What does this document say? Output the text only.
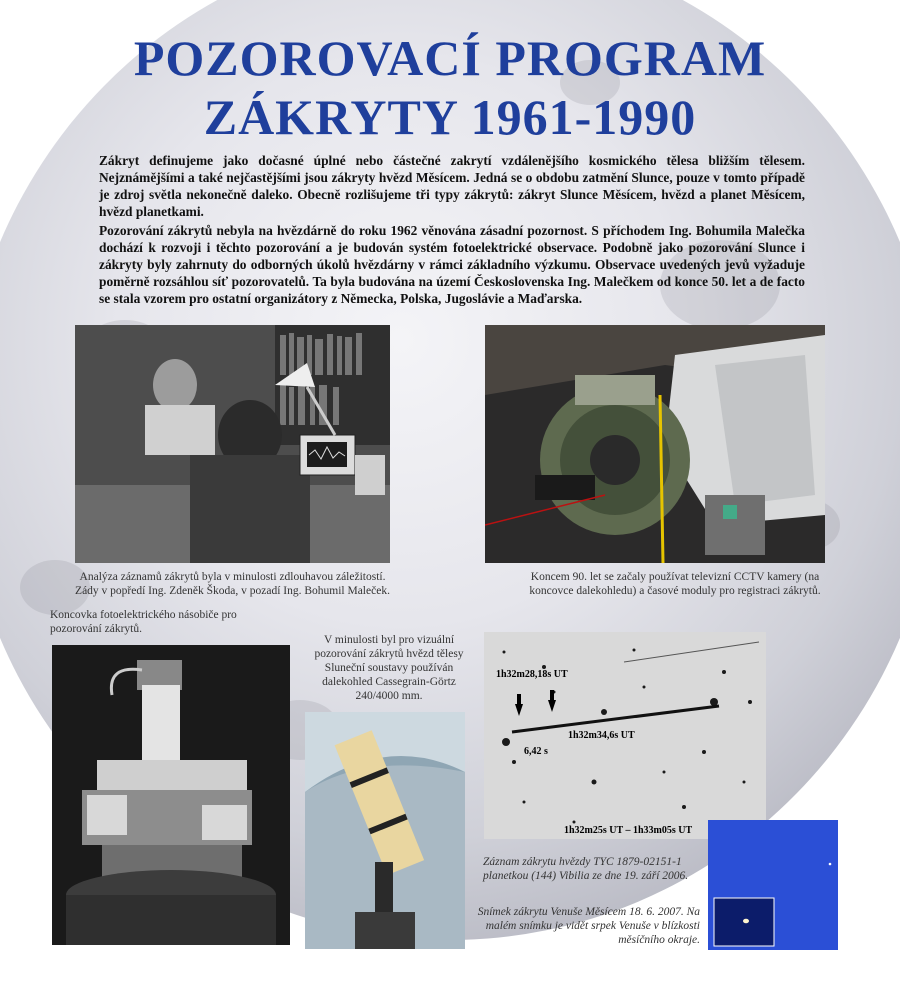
POZOROVACÍ PROGRAM
ZÁKRYTY 1961-1990

Zákryt definujeme jako dočasné úplné nebo částečné zakrytí vzdálenějšího kosmického tělesa bližším tělesem. Nejznámějšími a také nejčastějšími jsou zákryty hvězd Měsícem. Jedná se o obdobu zatmění Slunce, pouze v tomto případě je zdroj světla nekonečně daleko. Obecně rozlišujeme tři typy zákrytů: zákryt Slunce Měsícem, hvězd a planet Měsícem, hvězd planetkami.

Pozorování zákrytů nebyla na hvězdárně do roku 1962 věnována zásadní pozornost. S příchodem Ing. Bohumila Malečka dochází k rozvoji i těchto pozorování a je budován systém fotoelektrické observace. Podobně jako pozorování Slunce i zákryty byly zahrnuty do odborných úkolů hvězdárny v rámci základního výzkumu. Observace uvedených jevů vyžaduje poměrně rozsáhlou síť pozorovatelů. Ta byla budována na území Československa Ing. Malečkem od konce 50. let a de facto se stala vzorem pro ostatní organizátory z Německa, Polska, Jugoslávie a Maďarska.

Analýza záznamů zákrytů byla v minulosti zdlouhavou záležitostí. Zády v popředí Ing. Zdeněk Škoda, v pozadí Ing. Bohumil Maleček.

Koncem 90. let se začaly používat televizní CCTV kamery (na koncovce dalekohledu) a časové moduly pro registraci zákrytů.

Koncovka fotoelektrického násobiče pro pozorování zákrytů.

V minulosti byl pro vizuální pozorování zákrytů hvězd tělesy Sluneční soustavy používán dalekohled Cassegrain-Görtz 240/4000 mm.

1h32m28,18s UT
1h32m34,6s UT
6,42 s
1h32m25s UT – 1h33m05s UT

Záznam zákrytu hvězdy TYC 1879-02151-1 planetkou (144) Vibilia ze dne 19. září 2006.

Snímek zákrytu Venuše Měsícem 18. 6. 2007. Na malém snímku je vidět srpek Venuše v blízkosti měsíčního okraje.
